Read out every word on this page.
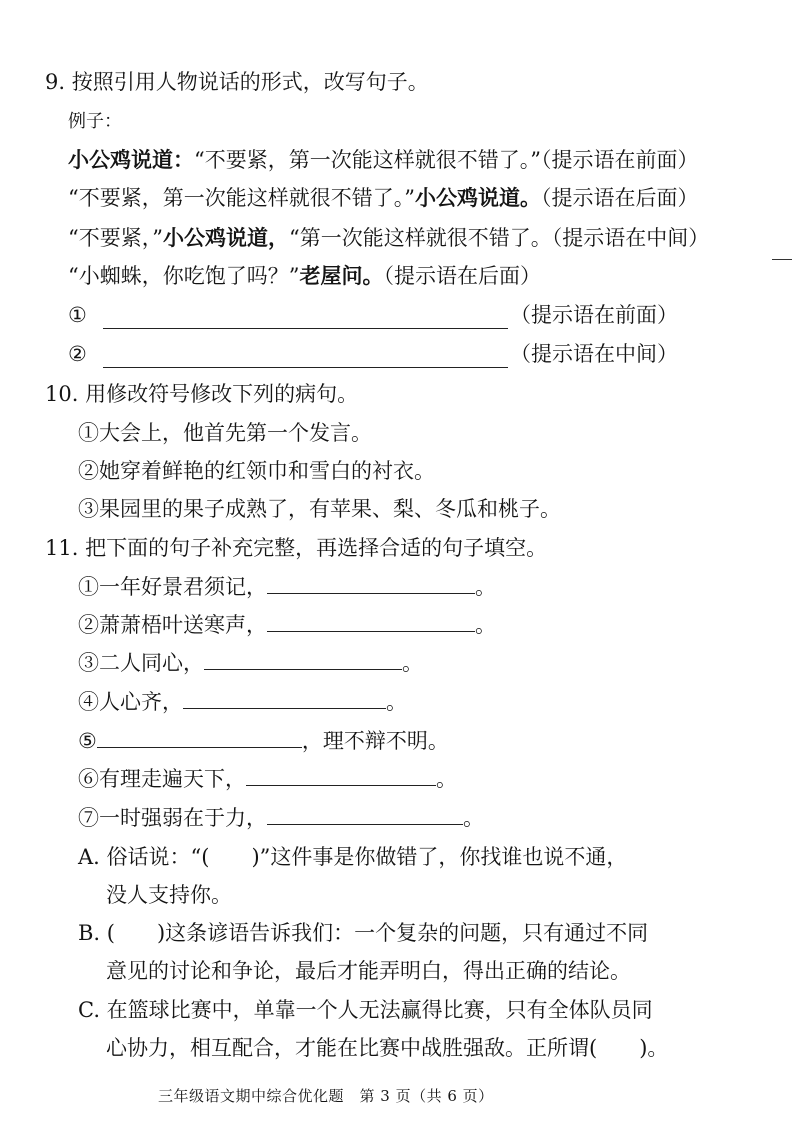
9. 按照引用人物说话的形式，改写句子。
例子：
小公鸡说道：“不要紧，第一次能这样就很不错了。”（提示语在前面）
“不要紧，第一次能这样就很不错了。”小公鸡说道。（提示语在后面）
“不要紧，”小公鸡说道，“第一次能这样就很不错了。（提示语在中间）
“小蜘蛛，你吃饱了吗？”老屋问。（提示语在后面）
①	（提示语在前面）
②	（提示语在中间）
10. 用修改符号修改下列的病句。
①大会上，他首先第一个发言。
②她穿着鲜艳的红领巾和雪白的衬衣。
③果园里的果子成熟了，有苹果、梨、冬瓜和桃子。
11. 把下面的句子补充完整，再选择合适的句子填空。
①一年好景君须记，	。
②萧萧梧叶送寒声，	。
③二人同心，	。
④人心齐，	。
⑤	，理不辩不明。
⑥有理走遍天下，	。
⑦一时强弱在于力，	。
A. 俗话说：“(　　)”这件事是你做错了，你找谁也说不通，
没人支持你。
B. (　　)这条谚语告诉我们：一个复杂的问题，只有通过不同
意见的讨论和争论，最后才能弄明白，得出正确的结论。
C. 在篮球比赛中，单靠一个人无法赢得比赛，只有全体队员同
心协力，相互配合，才能在比赛中战胜强敌。正所谓(　　)。
三年级语文期中综合优化题　第 3 页（共 6 页）
